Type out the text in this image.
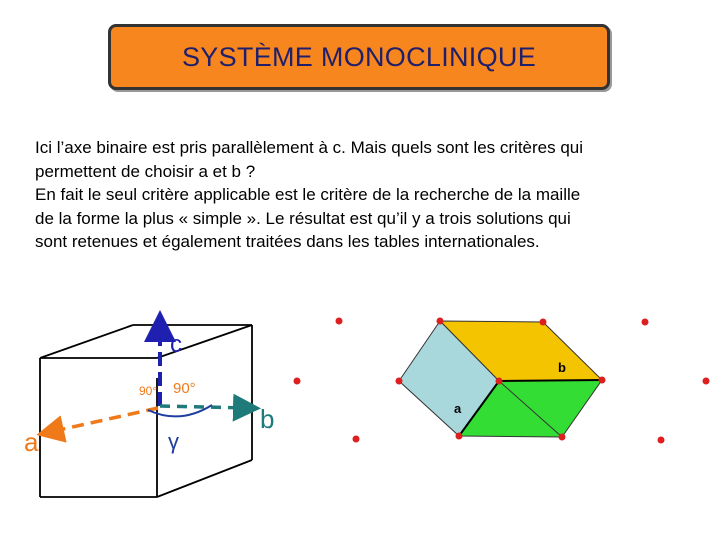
SYSTÈME MONOCLINIQUE
Ici l’axe binaire est pris parallèlement à c. Mais quels sont les critères qui
permettent de choisir a et b ?
En fait le seul critère applicable est le critère de la recherche de la maille
de la forme la plus « simple ». Le résultat est qu’il y a trois solutions qui
sont retenues et également traitées dans les tables internationales.
c
a
b
90° 90°
γ
b
a
